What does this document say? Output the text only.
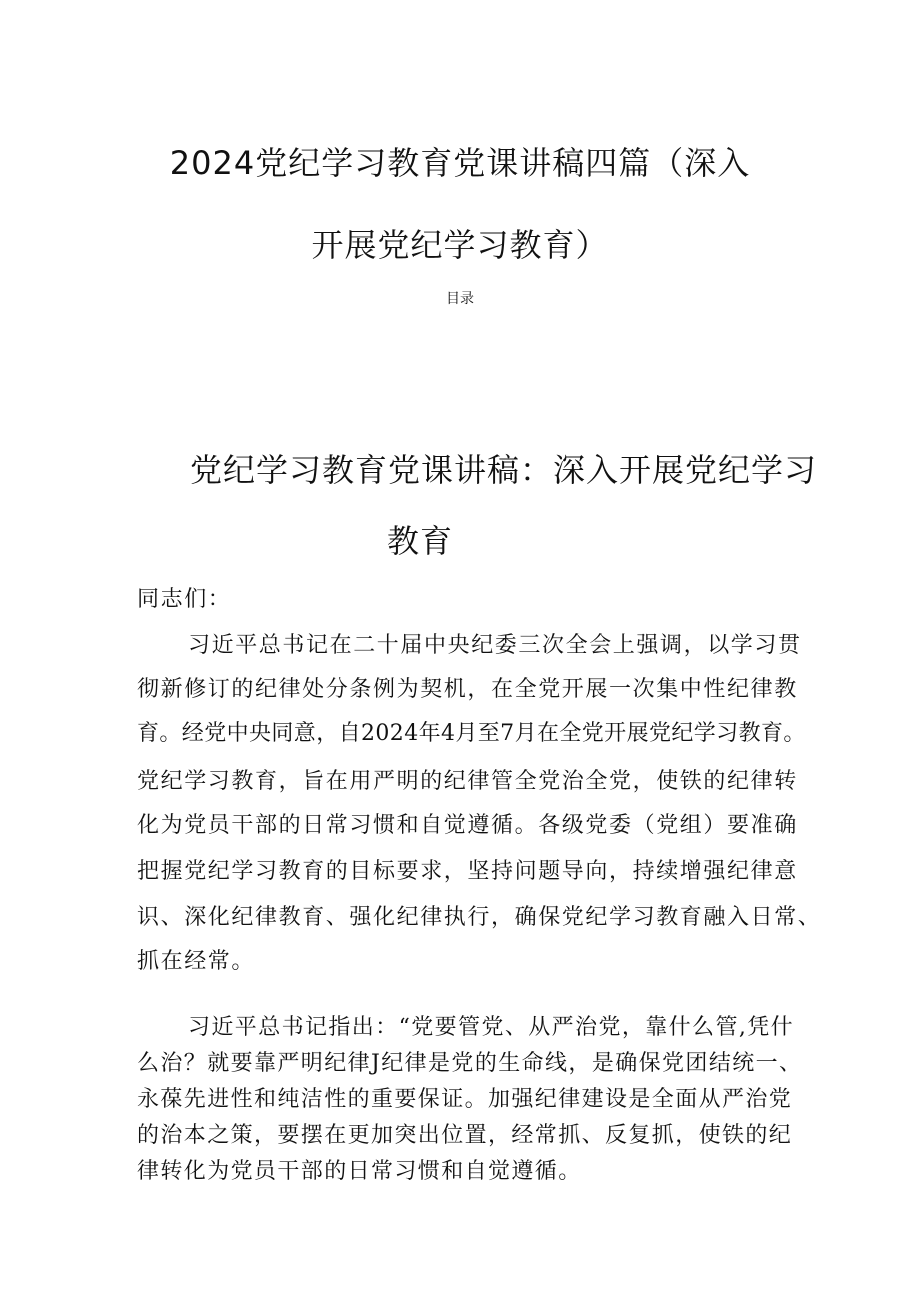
2024党纪学习教育党课讲稿四篇（深入
开展党纪学习教育）

目录

党纪学习教育党课讲稿：深入开展党纪学习
教育

同志们：

习近平总书记在二十届中央纪委三次全会上强调，以学习贯

彻新修订的纪律处分条例为契机，在全党开展一次集中性纪律教

育。经党中央同意，自2024年4月至7月在全党开展党纪学习教育。

党纪学习教育，旨在用严明的纪律管全党治全党，使铁的纪律转

化为党员干部的日常习惯和自觉遵循。各级党委（党组）要准确

把握党纪学习教育的目标要求，坚持问题导向，持续增强纪律意

识、深化纪律教育、强化纪律执行，确保党纪学习教育融入日常、

抓在经常。

习近平总书记指出：“党要管党、从严治党，靠什么管,凭什

么治？就要靠严明纪律J纪律是党的生命线，是确保党团结统一、

永葆先进性和纯洁性的重要保证。加强纪律建设是全面从严治党

的治本之策，要摆在更加突出位置，经常抓、反复抓，使铁的纪

律转化为党员干部的日常习惯和自觉遵循。
